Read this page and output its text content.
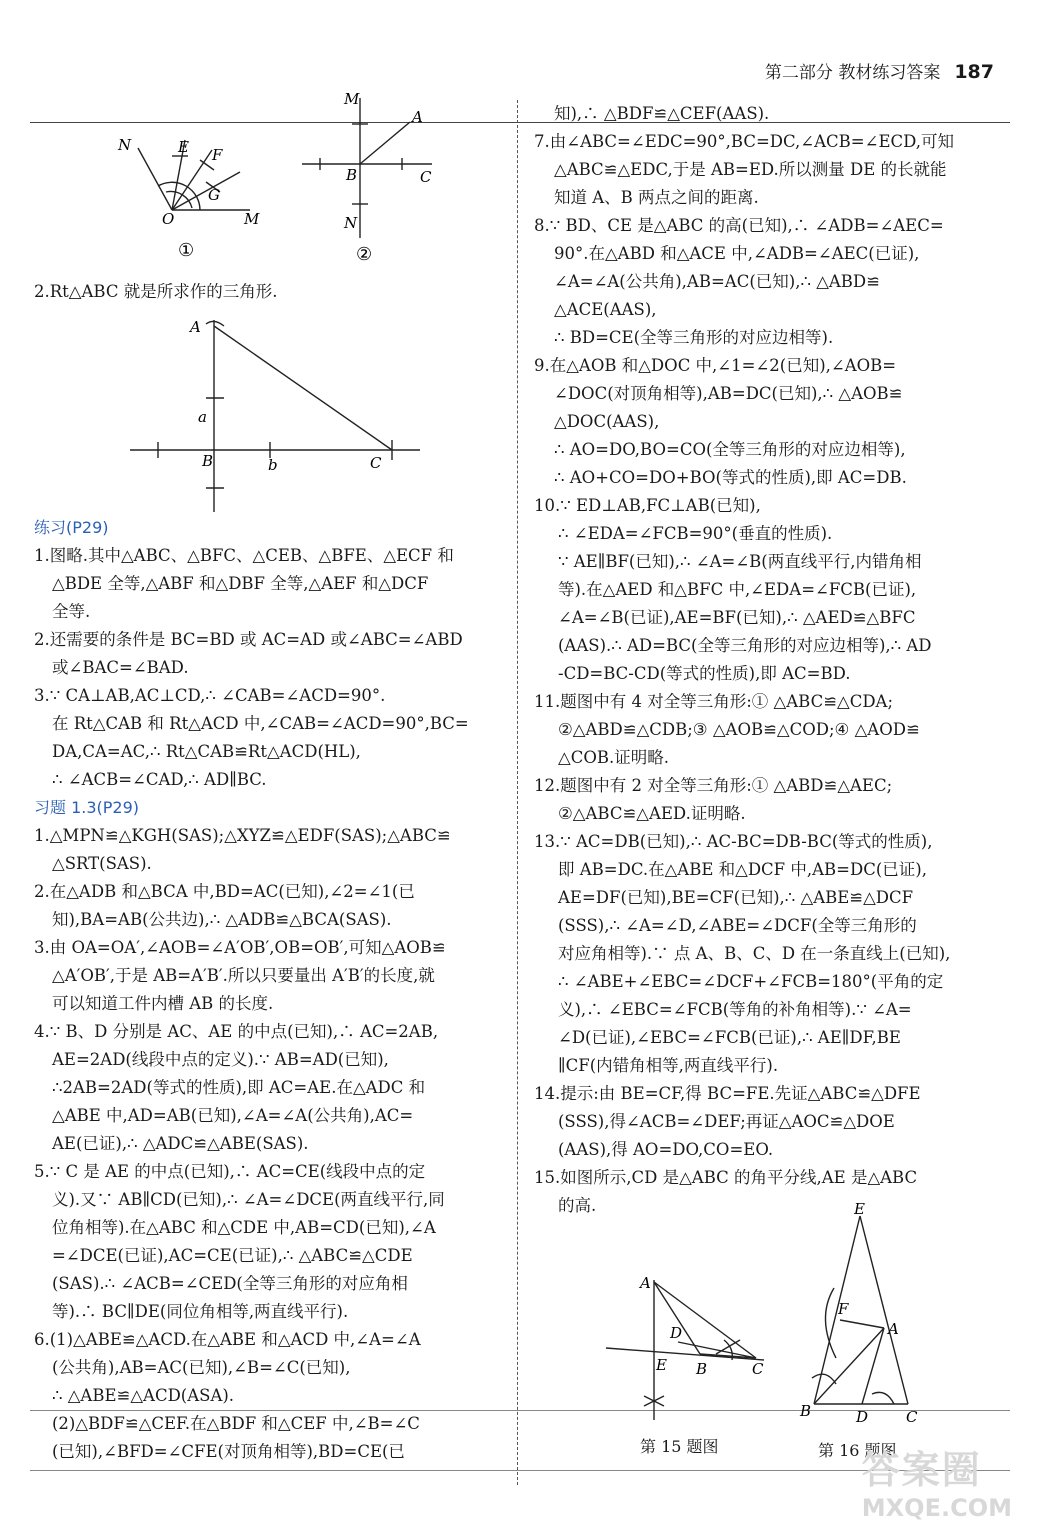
第二部分 教材练习答案 187
N	E F
G
O	M
①
M
A
B	C
N
②

2.Rt△ABC 就是所求作的三角形.

A
a
B	b	C

练习(P29)

1.图略.其中△ABC、△BFC、△CEB、△BFE、△ECF 和

△BDE 全等,△ABF 和△DBF 全等,△AEF 和△DCF

全等.

2.还需要的条件是 BC=BD 或 AC=AD 或∠ABC=∠ABD

或∠BAC=∠BAD.

3.∵ CA⊥AB,AC⊥CD,∴ ∠CAB=∠ACD=90°.

在 Rt△CAB 和 Rt△ACD 中,∠CAB=∠ACD=90°,BC=

DA,CA=AC,∴ Rt△CAB≌Rt△ACD(HL),

∴ ∠ACB=∠CAD,∴ AD∥BC.

习题 1.3(P29)

1.△MPN≌△KGH(SAS);△XYZ≌△EDF(SAS);△ABC≌

△SRT(SAS).

2.在△ADB 和△BCA 中,BD=AC(已知),∠2=∠1(已

知),BA=AB(公共边),∴ △ADB≌△BCA(SAS).

3.由 OA=OA′,∠AOB=∠A′OB′,OB=OB′,可知△AOB≌

△A′OB′,于是 AB=A′B′.所以只要量出 A′B′的长度,就

可以知道工件内槽 AB 的长度.

4.∵ B、D 分别是 AC、AE 的中点(已知),∴ AC=2AB,

AE=2AD(线段中点的定义).∵ AB=AD(已知),

∴2AB=2AD(等式的性质),即 AC=AE.在△ADC 和

△ABE 中,AD=AB(已知),∠A=∠A(公共角),AC=

AE(已证),∴ △ADC≌△ABE(SAS).

5.∵ C 是 AE 的中点(已知),∴ AC=CE(线段中点的定

义).又∵ AB∥CD(已知),∴ ∠A=∠DCE(两直线平行,同

位角相等).在△ABC 和△CDE 中,AB=CD(已知),∠A

=∠DCE(已证),AC=CE(已证),∴ △ABC≌△CDE

(SAS).∴ ∠ACB=∠CED(全等三角形的对应角相

等).∴ BC∥DE(同位角相等,两直线平行).

6.(1)△ABE≌△ACD.在△ABE 和△ACD 中,∠A=∠A

(公共角),AB=AC(已知),∠B=∠C(已知),

∴ △ABE≌△ACD(ASA).

(2)△BDF≌△CEF.在△BDF 和△CEF 中,∠B=∠C

(已知),∠BFD=∠CFE(对顶角相等),BD=CE(已

知),∴ △BDF≌△CEF(AAS).

7.由∠ABC=∠EDC=90°,BC=DC,∠ACB=∠ECD,可知

△ABC≌△EDC,于是 AB=ED.所以测量 DE 的长就能

知道 A、B 两点之间的距离.

8.∵ BD、CE 是△ABC 的高(已知),∴ ∠ADB=∠AEC=

90°.在△ABD 和△ACE 中,∠ADB=∠AEC(已证),

∠A=∠A(公共角),AB=AC(已知),∴ △ABD≌

△ACE(AAS),

∴ BD=CE(全等三角形的对应边相等).

9.在△AOB 和△DOC 中,∠1=∠2(已知),∠AOB=

∠DOC(对顶角相等),AB=DC(已知),∴ △AOB≌

△DOC(AAS),

∴ AO=DO,BO=CO(全等三角形的对应边相等),

∴ AO+CO=DO+BO(等式的性质),即 AC=DB.

10.∵ ED⊥AB,FC⊥AB(已知),

∴ ∠EDA=∠FCB=90°(垂直的性质).

∵ AE∥BF(已知),∴ ∠A=∠B(两直线平行,内错角相

等).在△AED 和△BFC 中,∠EDA=∠FCB(已证),

∠A=∠B(已证),AE=BF(已知),∴ △AED≌△BFC

(AAS).∴ AD=BC(全等三角形的对应边相等),∴ AD

-CD=BC-CD(等式的性质),即 AC=BD.

11.题图中有 4 对全等三角形:① △ABC≌△CDA;

②△ABD≌△CDB;③ △AOB≌△COD;④ △AOD≌

△COB.证明略.

12.题图中有 2 对全等三角形:① △ABD≌△AEC;

②△ABC≌△AED.证明略.

13.∵ AC=DB(已知),∴ AC-BC=DB-BC(等式的性质),

即 AB=DC.在△ABE 和△DCF 中,AB=DC(已证),

AE=DF(已知),BE=CF(已知),∴ △ABE≌△DCF

(SSS),∴ ∠A=∠D,∠ABE=∠DCF(全等三角形的

对应角相等).∵ 点 A、B、C、D 在一条直线上(已知),

∴ ∠ABE+∠EBC=∠DCF+∠FCB=180°(平角的定

义),∴ ∠EBC=∠FCB(等角的补角相等).∵ ∠A=

∠D(已证),∠EBC=∠FCB(已证),∴ AE∥DF,BE

∥CF(内错角相等,两直线平行).

14.提示:由 BE=CF,得 BC=FE.先证△ABC≌△DFE

(SSS),得∠ACB=∠DEF;再证△AOC≌△DOE

(AAS),得 AO=DO,CO=EO.

15.如图所示,CD 是△ABC 的角平分线,AE 是△ABC

的高.

A
D
E B	C
第 15 题图
E
F
A
B	D	C
第 16 题图
答案圈
MXQE.COM
